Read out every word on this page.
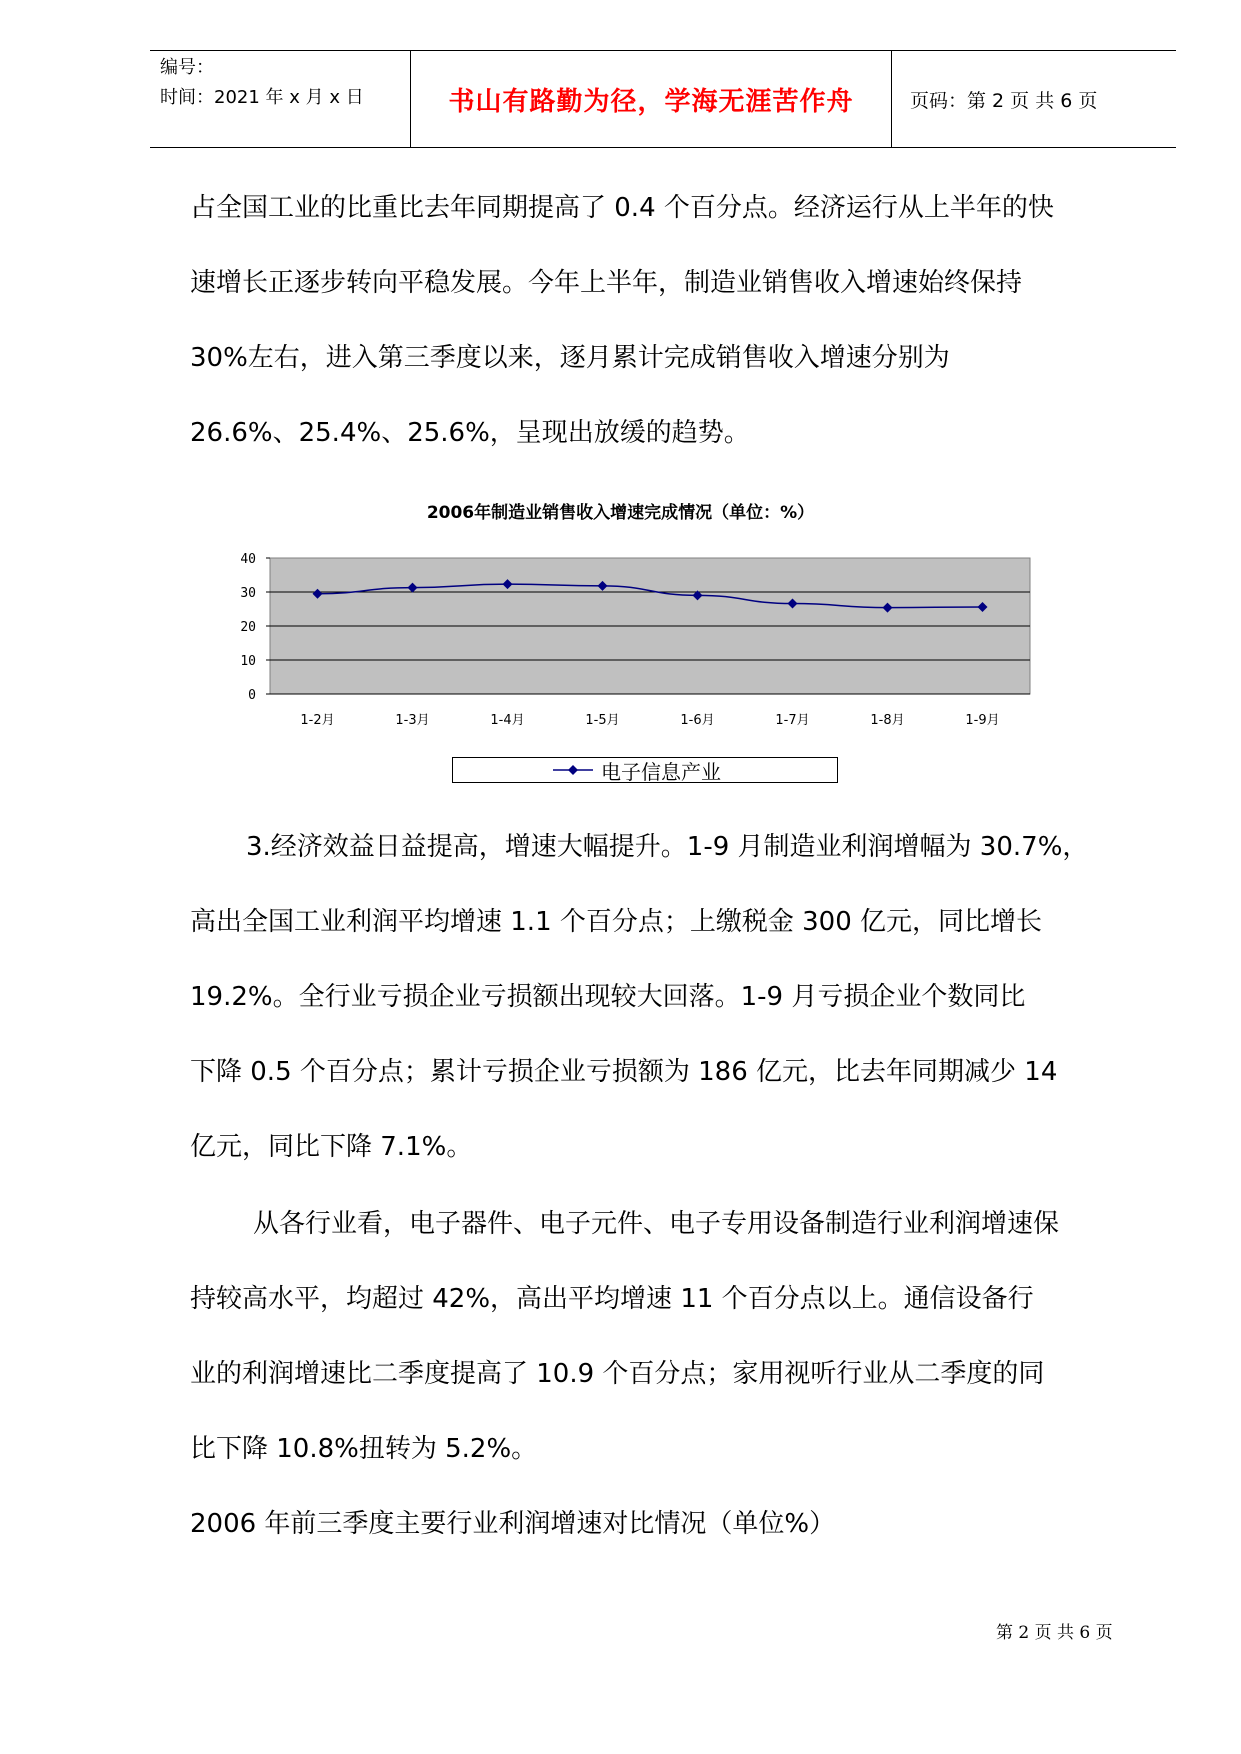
编号：
时间：2021 年 x 月 x 日	书山有路勤为径，学海无涯苦作舟	页码：第 2 页 共 6 页

占全国工业的比重比去年同期提高了 0.4 个百分点。经济运行从上半年的快

速增长正逐步转向平稳发展。今年上半年，制造业销售收入增速始终保持

30%左右，进入第三季度以来，逐月累计完成销售收入增速分别为

26.6%、25.4%、25.6%，呈现出放缓的趋势。

2006年制造业销售收入增速完成情况（单位：%）
0
10
20
30
40
1-2月	1-3月	1-4月	1-5月	1-6月	1-7月	1-8月	1-9月
电子信息产业

3.经济效益日益提高，增速大幅提升。1-9 月制造业利润增幅为 30.7%，

高出全国工业利润平均增速 1.1 个百分点；上缴税金 300 亿元，同比增长

19.2%。全行业亏损企业亏损额出现较大回落。1-9 月亏损企业个数同比

下降 0.5 个百分点；累计亏损企业亏损额为 186 亿元，比去年同期减少 14

亿元，同比下降 7.1%。

从各行业看，电子器件、电子元件、电子专用设备制造行业利润增速保

持较高水平，均超过 42%，高出平均增速 11 个百分点以上。通信设备行

业的利润增速比二季度提高了 10.9 个百分点；家用视听行业从二季度的同

比下降 10.8%扭转为 5.2%。

2006 年前三季度主要行业利润增速对比情况（单位%）

第 2 页 共 6 页
